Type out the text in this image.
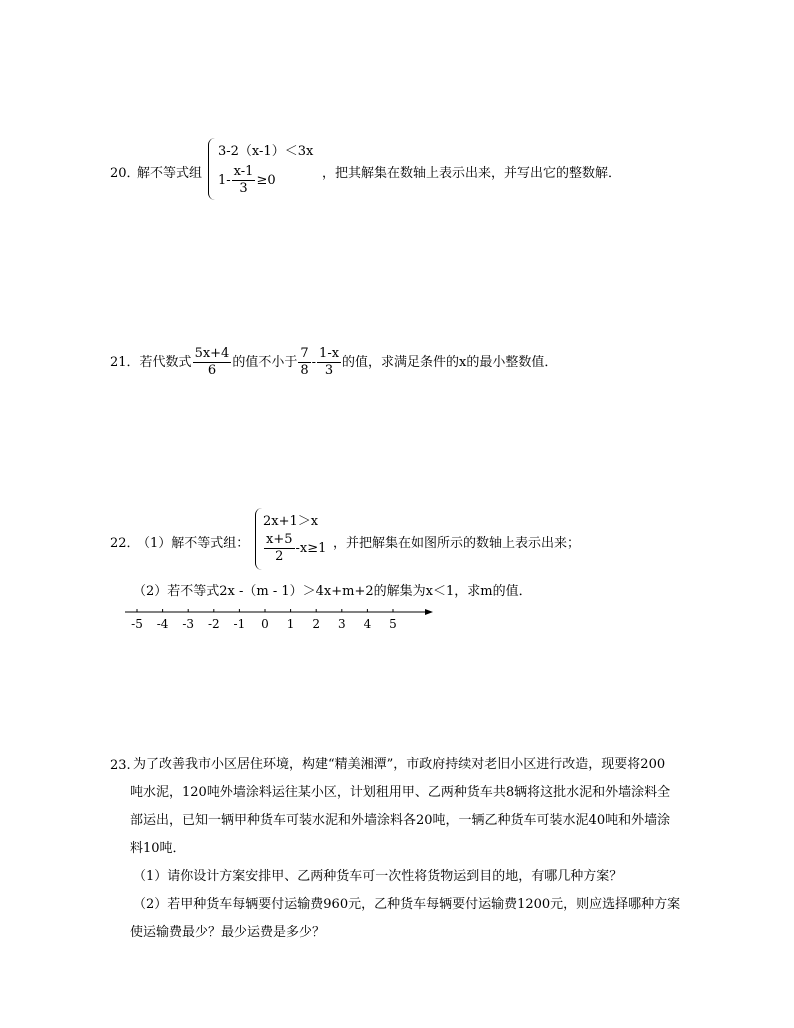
20．
解不等式组
3-2（x-1）＜3x
$1- \frac{x-1}{3} \ge 0$	，把其解集在数轴上表示出来，并写出它的整数解．
21．若代数式 $\frac{5x+4}{6}$ 的值不小于 $\frac{7}{8} - \frac{1-x}{3}$ 的值，求满足条件的x的最小整数值．
22．
（1）解不等式组：
2x+1＞x
$\frac{x+5}{2} -x\ge 1$ ，并把解集在如图所示的数轴上表示出来；
（2）若不等式2x -（m - 1）＞4x+m+2的解集为x＜1，求m的值．
-5 -4 -3 -2 -1 0 1 2 3 4 5
23. 为了改善我市小区居住环境，构建“精美湘潭”，市政府持续对老旧小区进行改造，现要将200
吨水泥，120吨外墙涂料运往某小区，计划租用甲、乙两种货车共8辆将这批水泥和外墙涂料全
部运出，已知一辆甲种货车可装水泥和外墙涂料各20吨，一辆乙种货车可装水泥40吨和外墙涂
料10吨．
（1）请你设计方案安排甲、乙两种货车可一次性将货物运到目的地，有哪几种方案？
（2）若甲种货车每辆要付运输费960元，乙种货车每辆要付运输费1200元，则应选择哪种方案
使运输费最少？最少运费是多少？
